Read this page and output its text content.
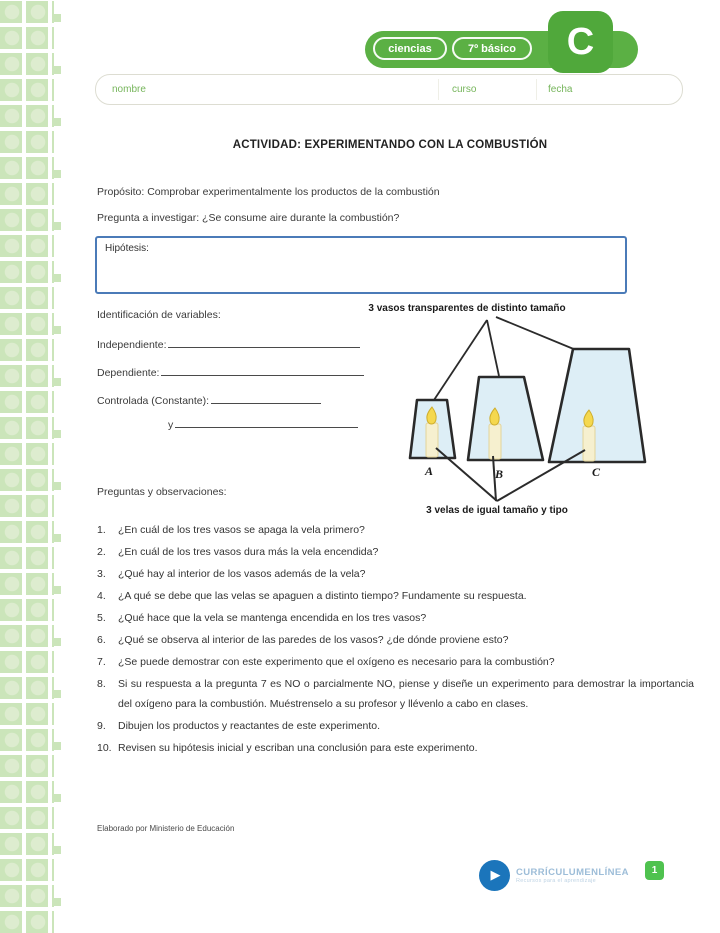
ciencias	7º básico	C
nombre	curso	fecha
ACTIVIDAD: EXPERIMENTANDO CON LA COMBUSTIÓN
Propósito: Comprobar experimentalmente los productos de la combustión
Pregunta a investigar: ¿Se consume aire durante la combustión?
Hipótesis:
Identificación de variables:
Independiente:
Dependiente:
Controlada (Constante):
y
3 vasos transparentes de distinto tamaño
A	B	C
3 velas de igual tamaño y tipo
Preguntas y observaciones:
1.	¿En cuál de los tres vasos se apaga la vela primero?
2.	¿En cuál de los tres vasos dura más la vela encendida?
3.	¿Qué hay al interior de los vasos además de la vela?
4.	¿A qué se debe que las velas se apaguen a distinto tiempo? Fundamente su respuesta.
5.	¿Qué hace que la vela se mantenga encendida en los tres vasos?
6.	¿Qué se observa al interior de las paredes de los vasos? ¿de dónde proviene esto?
7.	¿Se puede demostrar con este experimento que el oxígeno es necesario para la combustión?
8.	Si su respuesta a la pregunta 7 es NO o parcialmente NO, piense y diseñe un experimento para demostrar la importancia del oxígeno para la combustión. Muéstrenselo a su profesor y llévenlo a cabo en clases.
9.	Dibujen los productos y reactantes de este experimento.
10. Revisen su hipótesis inicial y escriban una conclusión para este experimento.
Elaborado por Ministerio de Educación
▶ CURRÍCULUMENLÍNEA
Recursos para el aprendizaje
1
